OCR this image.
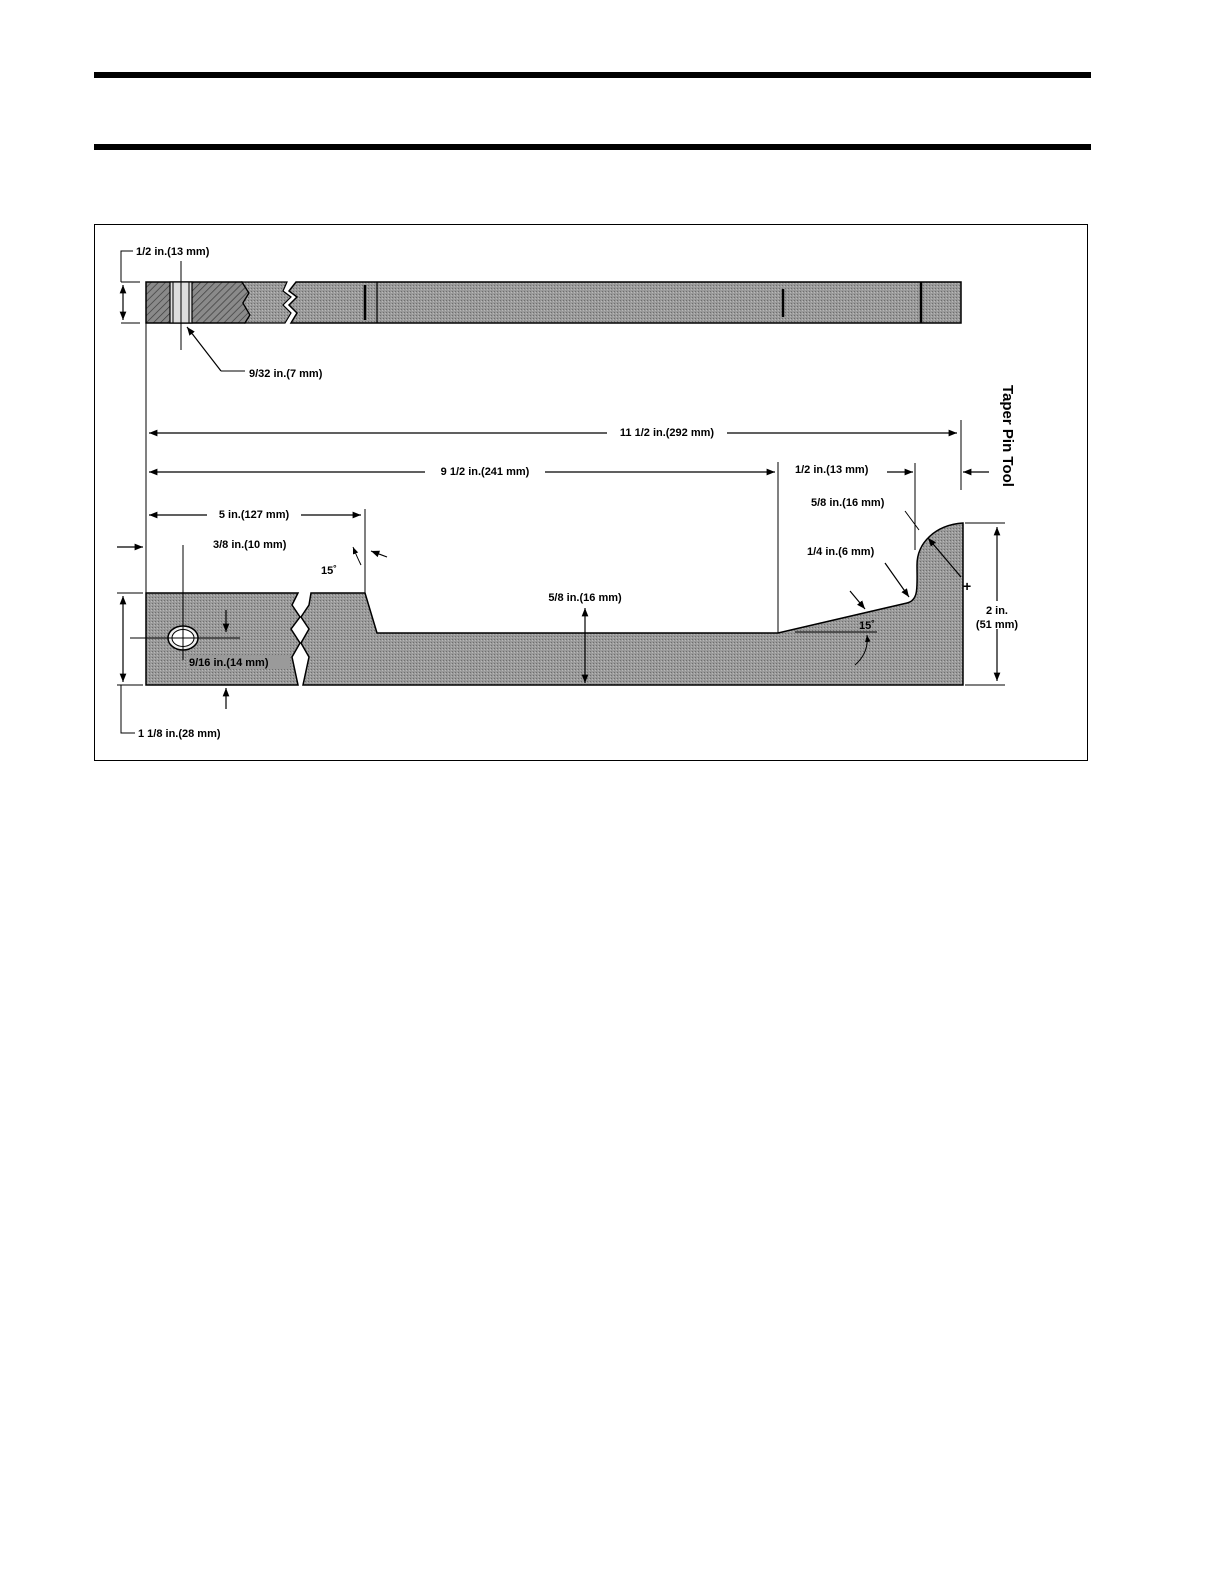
1/2 in.(13 mm)
9/32 in.(7 mm)
11 1/2 in.(292 mm)
9 1/2 in.(241 mm)	1/2 in.(13 mm)
5 in.(127 mm)
Taper Pin Tool
+
3/8 in.(10 mm)
15˚
5/8 in.(16 mm)
5/8 in.(16 mm)
1/4 in.(6 mm)
15˚
2 in.
(51 mm)
1 1/8 in.(28 mm)
9/16 in.(14 mm)
